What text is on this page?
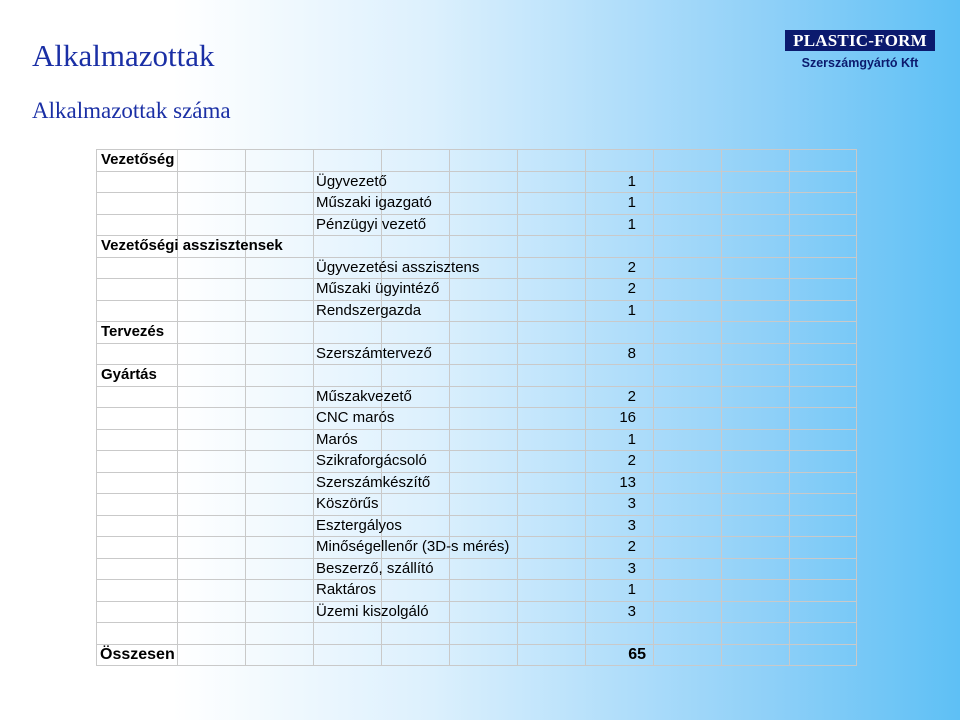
Alkalmazottak
Alkalmazottak száma
PLASTIC-FORM
Szerszámgyártó Kft
Vezetőség
Ügyvezető	1
Műszaki igazgató	1
Pénzügyi vezető	1
Vezetőségi asszisztensek
Ügyvezetési asszisztens	2
Műszaki ügyintéző	2
Rendszergazda	1
Tervezés
Szerszámtervező	8
Gyártás
Műszakvezető	2
CNC marós	16
Marós	1
Szikraforgácsoló	2
Szerszámkészítő	13
Köszörűs	3
Esztergályos	3
Minőségellenőr (3D-s mérés)	2
Beszerző, szállító	3
Raktáros	1
Üzemi kiszolgáló	3
Összesen	65
